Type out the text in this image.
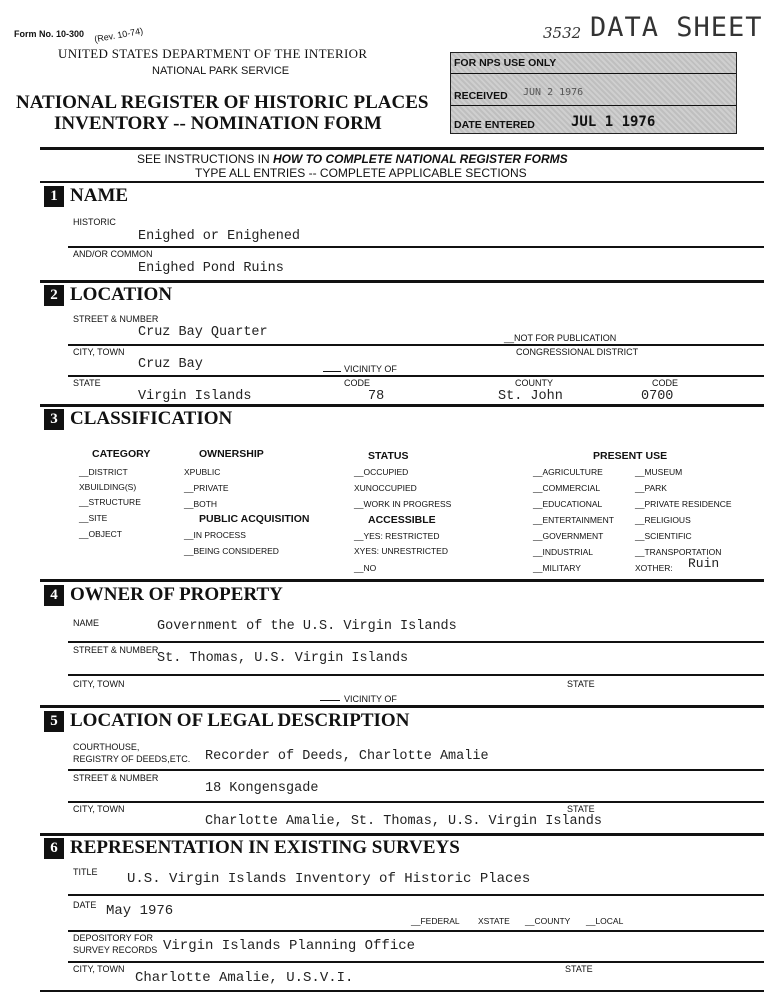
Form No. 10-300 (Rev. 10-74)	3532 DATA SHEET
UNITED STATES DEPARTMENT OF THE INTERIOR
NATIONAL PARK SERVICE
NATIONAL REGISTER OF HISTORIC PLACES
INVENTORY -- NOMINATION FORM
FOR NPS USE ONLY
RECEIVED JUN 2 1976
DATE ENTERED	JUL 1 1976
SEE INSTRUCTIONS IN HOW TO COMPLETE NATIONAL REGISTER FORMS
TYPE ALL ENTRIES -- COMPLETE APPLICABLE SECTIONS
1 NAME
HISTORIC
Enighed or Enighened
AND/OR COMMON
Enighed Pond Ruins
2 LOCATION
STREET & NUMBER
Cruz Bay Quarter	__NOT FOR PUBLICATION
CITY, TOWN	CONGRESSIONAL DISTRICT
Cruz Bay	VICINITY OF
STATE	CODE	COUNTY	CODE
Virgin Islands	78	St. John	0700
3 CLASSIFICATION
CATEGORY
__DISTRICT
XBUILDING(S)
__STRUCTURE
__SITE
__OBJECT
OWNERSHIP
XPUBLIC
__PRIVATE
__BOTH
PUBLIC ACQUISITION
__IN PROCESS
__BEING CONSIDERED
STATUS
__OCCUPIED
XUNOCCUPIED
__WORK IN PROGRESS
ACCESSIBLE
__YES: RESTRICTED
XYES: UNRESTRICTED
__NO
PRESENT USE
__AGRICULTURE
__COMMERCIAL
__EDUCATIONAL
__ENTERTAINMENT
__GOVERNMENT
__INDUSTRIAL
__MILITARY
__MUSEUM
__PARK
__PRIVATE RESIDENCE
__RELIGIOUS
__SCIENTIFIC
__TRANSPORTATION
XOTHER: Ruin
4 OWNER OF PROPERTY
NAME	Government of the U.S. Virgin Islands
STREET & NUMBER
St. Thomas, U.S. Virgin Islands
CITY, TOWN	STATE
VICINITY OF
5 LOCATION OF LEGAL DESCRIPTION
COURTHOUSE,
REGISTRY OF DEEDS,ETC. Recorder of Deeds, Charlotte Amalie
STREET & NUMBER
18 Kongensgade
CITY, TOWN	STATE
Charlotte Amalie, St. Thomas, U.S. Virgin Islands
6 REPRESENTATION IN EXISTING SURVEYS
TITLE U.S. Virgin Islands Inventory of Historic Places
DATE May 1976
__FEDERAL XSTATE __COUNTY __LOCAL
DEPOSITORY FOR
SURVEY RECORDS Virgin Islands Planning Office
CITY, TOWN	STATE
Charlotte Amalie, U.S.V.I.
